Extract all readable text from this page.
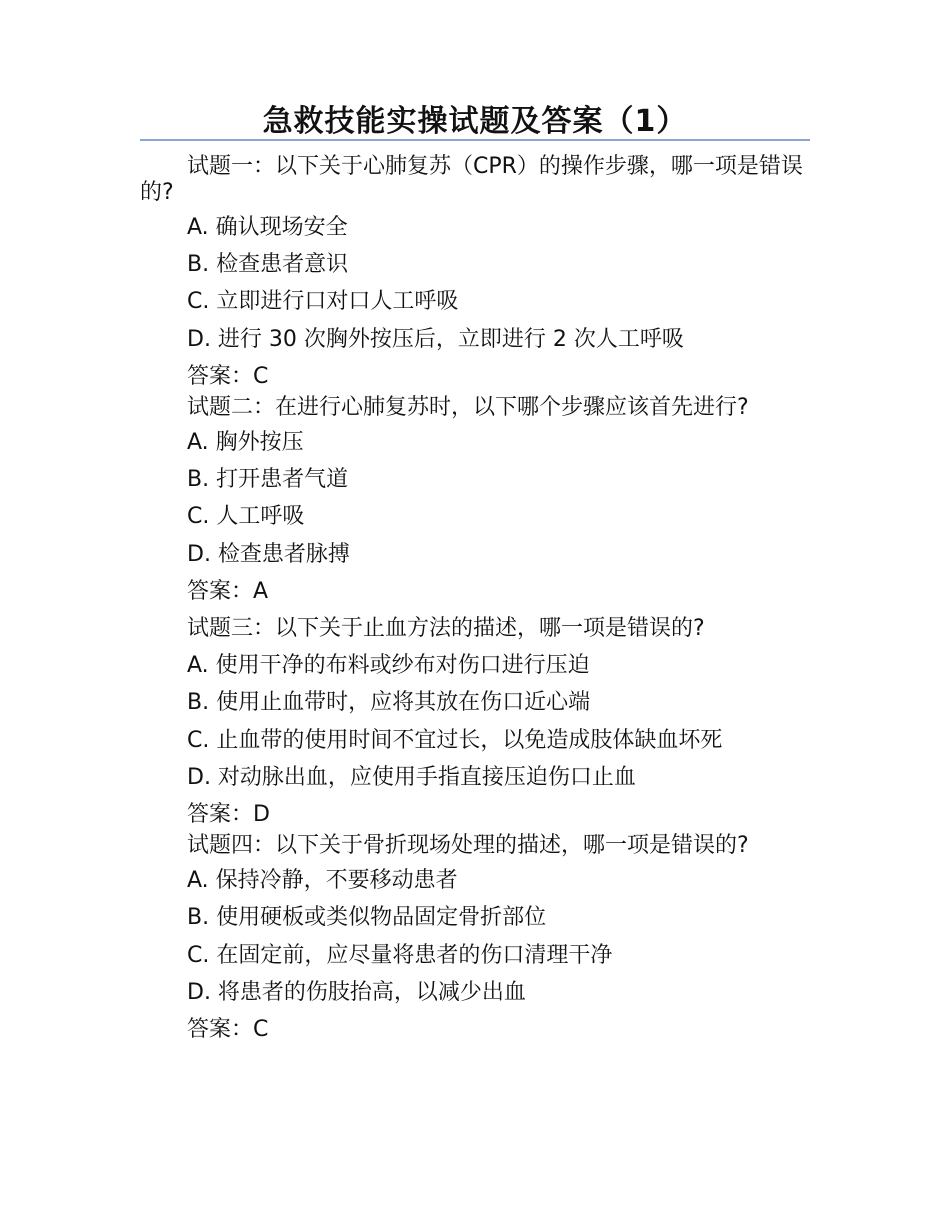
急救技能实操试题及答案（1）
试题一：以下关于心肺复苏（CPR）的操作步骤，哪一项是错误的?
A. 确认现场安全
B. 检查患者意识
C. 立即进行口对口人工呼吸
D. 进行 30 次胸外按压后，立即进行 2 次人工呼吸
答案：C
试题二：在进行心肺复苏时，以下哪个步骤应该首先进行?
A. 胸外按压
B. 打开患者气道
C. 人工呼吸
D. 检查患者脉搏
答案：A
试题三：以下关于止血方法的描述，哪一项是错误的?
A. 使用干净的布料或纱布对伤口进行压迫
B. 使用止血带时，应将其放在伤口近心端
C. 止血带的使用时间不宜过长，以免造成肢体缺血坏死
D. 对动脉出血，应使用手指直接压迫伤口止血
答案：D
试题四：以下关于骨折现场处理的描述，哪一项是错误的?
A. 保持冷静，不要移动患者
B. 使用硬板或类似物品固定骨折部位
C. 在固定前，应尽量将患者的伤口清理干净
D. 将患者的伤肢抬高，以减少出血
答案：C
